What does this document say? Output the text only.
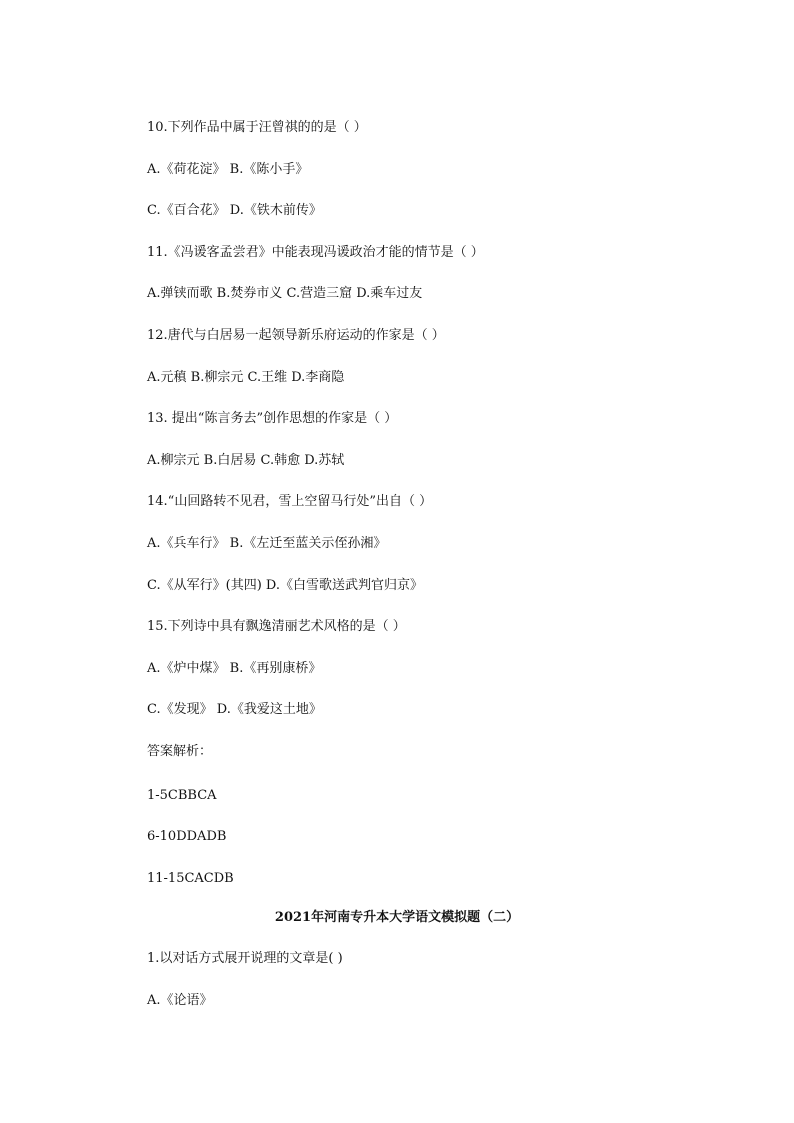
10.下列作品中属于汪曾祺的的是（ ）
A.《荷花淀》 B.《陈小手》
C.《百合花》 D.《铁木前传》
11.《冯谖客孟尝君》中能表现冯谖政治才能的情节是（ ）
A.弹铗而歌 B.焚券市义 C.营造三窟 D.乘车过友
12.唐代与白居易一起领导新乐府运动的作家是（ ）
A.元稹 B.柳宗元 C.王维 D.李商隐
13. 提出“陈言务去”创作思想的作家是（ ）
A.柳宗元 B.白居易 C.韩愈 D.苏轼
14.“山回路转不见君，雪上空留马行处”出自（ ）
A.《兵车行》 B.《左迁至蓝关示侄孙湘》
C.《从军行》(其四) D.《白雪歌送武判官归京》
15.下列诗中具有飘逸清丽艺术风格的是（ ）
A.《炉中煤》 B.《再别康桥》
C.《发现》 D.《我爱这土地》
答案解析：
1-5CBBCA
6-10DDADB
11-15CACDB
2021年河南专升本大学语文模拟题（二）
1.以对话方式展开说理的文章是( )
A.《论语》
